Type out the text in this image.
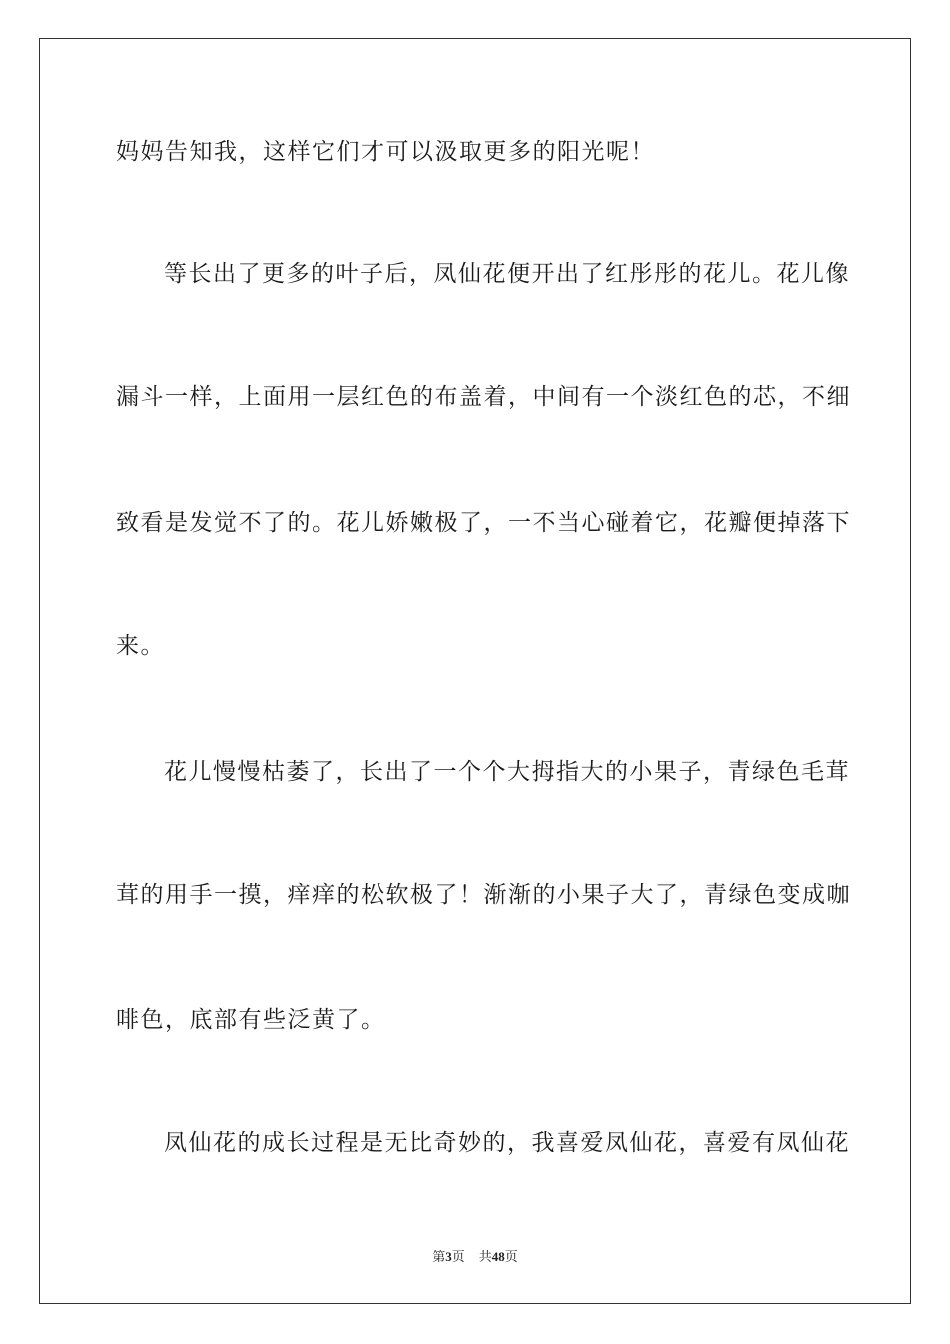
妈妈告知我，这样它们才可以汲取更多的阳光呢！
等长出了更多的叶子后，凤仙花便开出了红彤彤的花儿。花儿像
漏斗一样，上面用一层红色的布盖着，中间有一个淡红色的芯，不细
致看是发觉不了的。花儿娇嫩极了，一不当心碰着它，花瓣便掉落下
来。
花儿慢慢枯萎了，长出了一个个大拇指大的小果子，青绿色毛茸
茸的用手一摸，痒痒的松软极了！渐渐的小果子大了，青绿色变成咖
啡色，底部有些泛黄了。
凤仙花的成长过程是无比奇妙的，我喜爱凤仙花，喜爱有凤仙花
第3页 共48页
